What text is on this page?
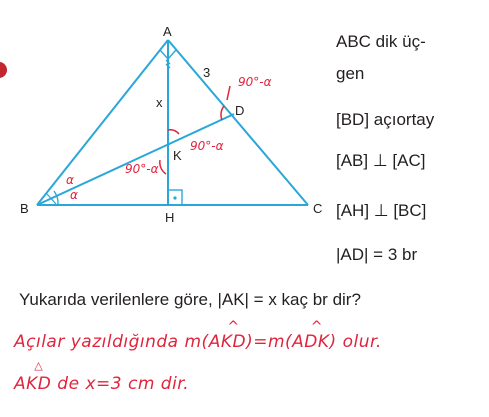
A
B	C
H
D
K
3
x
90°-α
90°-α
90°-α
α
α

ABC dik üç-

gen

[BD] açıortay

[AB] ⊥ [AC]

[AH] ⊥ [BC]

|AD| = 3 br

Yukarıda verilenlere göre, |AK| = x kaç br dir?

Açılar yazıldığında m(A^ KD)=m(A^ DK) olur.

A△ KD de x=3 cm dir.
